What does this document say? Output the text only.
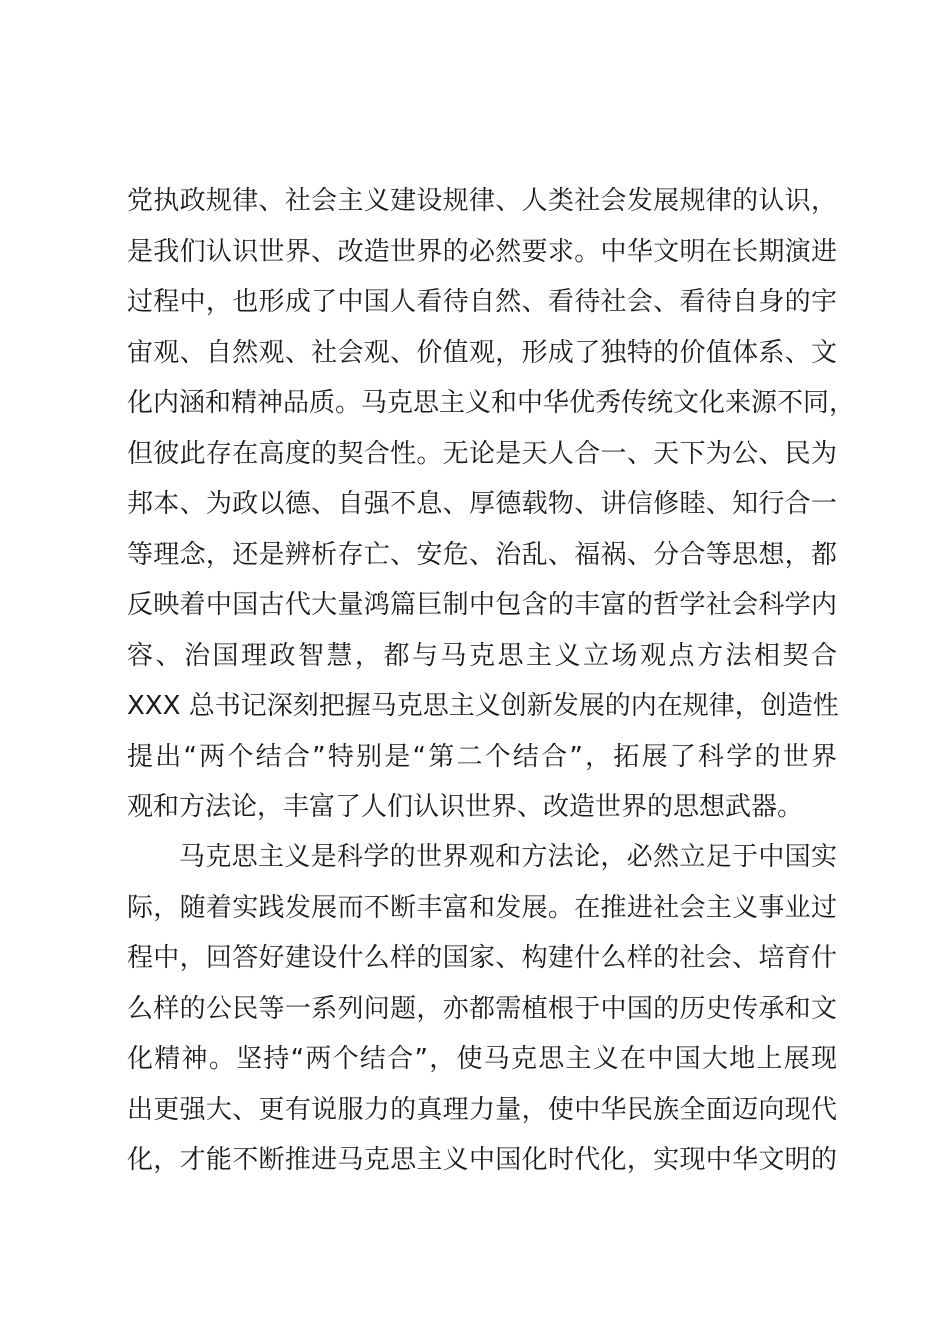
党执政规律、社会主义建设规律、人类社会发展规律的认识，
是我们认识世界、改造世界的必然要求。中华文明在长期演进
过程中，也形成了中国人看待自然、看待社会、看待自身的宇
宙观、自然观、社会观、价值观，形成了独特的价值体系、文
化内涵和精神品质。马克思主义和中华优秀传统文化来源不同，
但彼此存在高度的契合性。无论是天人合一、天下为公、民为
邦本、为政以德、自强不息、厚德载物、讲信修睦、知行合一
等理念，还是辨析存亡、安危、治乱、福祸、分合等思想，都
反映着中国古代大量鸿篇巨制中包含的丰富的哲学社会科学内
容、治国理政智慧，都与马克思主义立场观点方法相契合
XXX 总书记深刻把握马克思主义创新发展的内在规律，创造性
提出“两个结合”特别是“第二个结合”，拓展了科学的世界
观和方法论，丰富了人们认识世界、改造世界的思想武器。
马克思主义是科学的世界观和方法论，必然立足于中国实
际，随着实践发展而不断丰富和发展。在推进社会主义事业过
程中，回答好建设什么样的国家、构建什么样的社会、培育什
么样的公民等一系列问题，亦都需植根于中国的历史传承和文
化精神。坚持“两个结合”，使马克思主义在中国大地上展现
出更强大、更有说服力的真理力量，使中华民族全面迈向现代
化，才能不断推进马克思主义中国化时代化，实现中华文明的
